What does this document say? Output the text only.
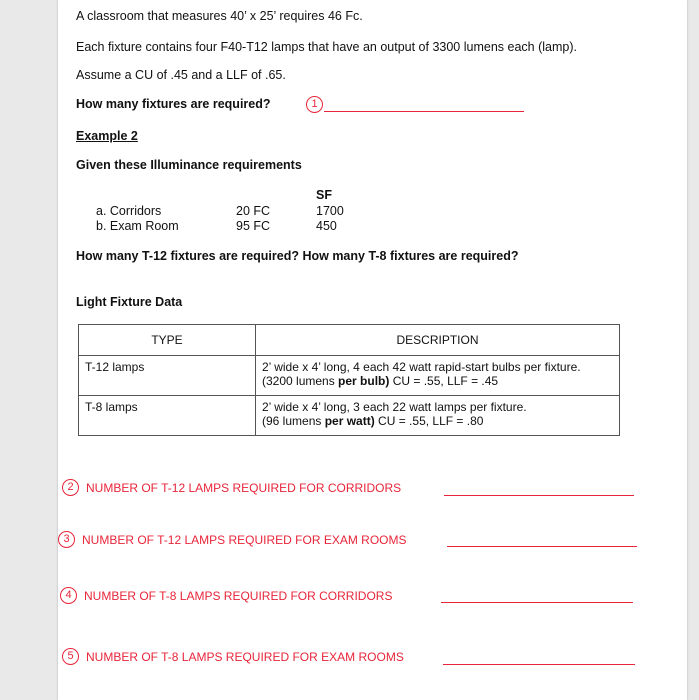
A classroom that measures 40’ x 25’ requires 46 Fc.
Each fixture contains four F40-T12 lamps that have an output of 3300 lumens each (lamp).
Assume a CU of .45 and a LLF of .65.
How many fixtures are required?	1
Example 2
Given these Illuminance requirements
SF
a. Corridors	20 FC	1700
b. Exam Room	95 FC	450
How many T-12 fixtures are required? How many T-8 fixtures are required?
Light Fixture Data
TYPE	DESCRIPTION
T-12 lamps	2’ wide x 4’ long, 4 each 42 watt rapid-start bulbs per fixture.
(3200 lumens per bulb) CU = .55, LLF = .45

T-8 lamps	2’ wide x 4’ long, 3 each 22 watt lamps per fixture.
(96 lumens per watt) CU = .55, LLF = .80
2	NUMBER OF T-12 LAMPS REQUIRED FOR CORRIDORS
3	NUMBER OF T-12 LAMPS REQUIRED FOR EXAM ROOMS
4	NUMBER OF T-8 LAMPS REQUIRED FOR CORRIDORS
5	NUMBER OF T-8 LAMPS REQUIRED FOR EXAM ROOMS
